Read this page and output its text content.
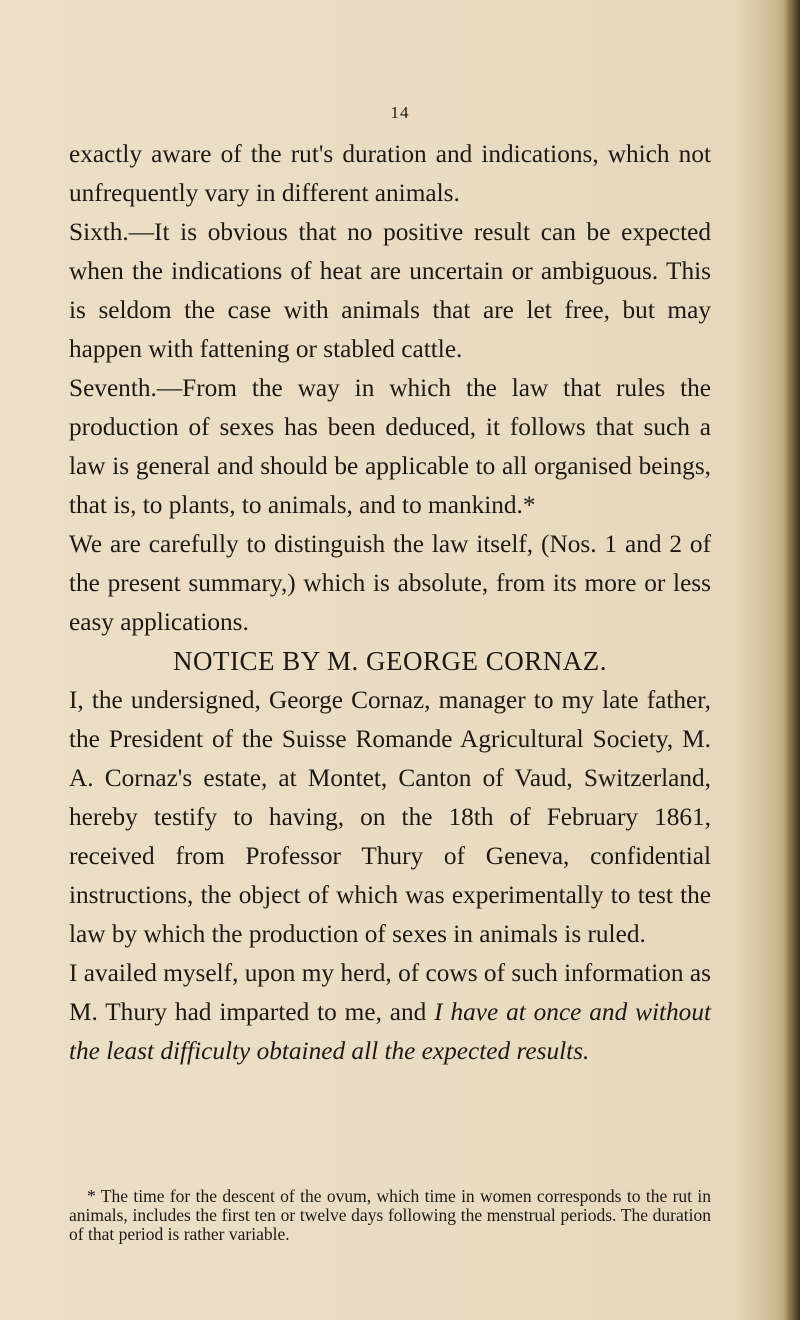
14

exactly aware of the rut's duration and indications, which not unfrequently vary in different animals.

Sixth.—It is obvious that no positive result can be expected when the indications of heat are uncertain or ambiguous. This is seldom the case with animals that are let free, but may happen with fattening or stabled cattle.

Seventh.—From the way in which the law that rules the production of sexes has been deduced, it follows that such a law is general and should be applicable to all organised beings, that is, to plants, to animals, and to mankind.*

We are carefully to distinguish the law itself, (Nos. 1 and 2 of the present summary,) which is absolute, from its more or less easy applications.

NOTICE BY M. GEORGE CORNAZ.

I, the undersigned, George Cornaz, manager to my late father, the President of the Suisse Romande Agricultural Society, M. A. Cornaz's estate, at Montet, Canton of Vaud, Switzerland, hereby testify to having, on the 18th of February 1861, received from Professor Thury of Geneva, confidential instructions, the object of which was experimentally to test the law by which the production of sexes in animals is ruled.

I availed myself, upon my herd, of cows of such information as M. Thury had imparted to me, and I have at once and without the least difficulty obtained all the expected results.

* The time for the descent of the ovum, which time in women corresponds to the rut in animals, includes the first ten or twelve days following the menstrual periods. The duration of that period is rather variable.
